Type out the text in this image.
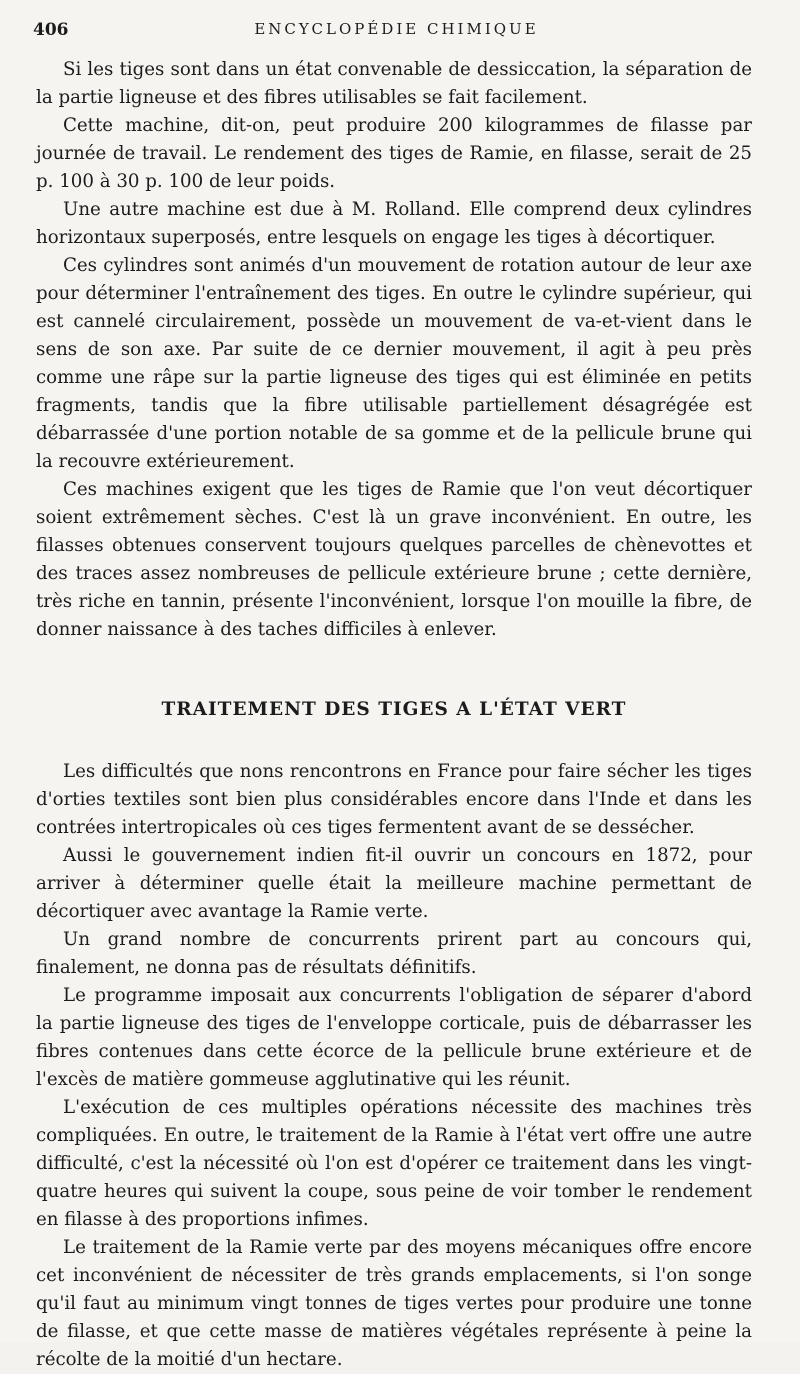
406	ENCYCLOPÉDIE CHIMIQUE

Si les tiges sont dans un état convenable de dessiccation, la séparation de la partie ligneuse et des fibres utilisables se fait facilement.

Cette machine, dit-on, peut produire 200 kilogrammes de filasse par journée de travail. Le rendement des tiges de Ramie, en filasse, serait de 25 p. 100 à 30 p. 100 de leur poids.

Une autre machine est due à M. Rolland. Elle comprend deux cylindres horizontaux superposés, entre lesquels on engage les tiges à décortiquer.

Ces cylindres sont animés d'un mouvement de rotation autour de leur axe pour déterminer l'entraînement des tiges. En outre le cylindre supérieur, qui est cannelé circulairement, possède un mouvement de va-et-vient dans le sens de son axe. Par suite de ce dernier mouvement, il agit à peu près comme une râpe sur la partie ligneuse des tiges qui est éliminée en petits fragments, tandis que la fibre utilisable partiellement désagrégée est débarrassée d'une portion notable de sa gomme et de la pellicule brune qui la recouvre extérieurement.

Ces machines exigent que les tiges de Ramie que l'on veut décortiquer soient extrêmement sèches. C'est là un grave inconvénient. En outre, les filasses obtenues conservent toujours quelques parcelles de chènevottes et des traces assez nombreuses de pellicule extérieure brune ; cette dernière, très riche en tannin, présente l'inconvénient, lorsque l'on mouille la fibre, de donner naissance à des taches difficiles à enlever.

TRAITEMENT DES TIGES A L'ÉTAT VERT

Les difficultés que nons rencontrons en France pour faire sécher les tiges d'orties textiles sont bien plus considérables encore dans l'Inde et dans les contrées intertropicales où ces tiges fermentent avant de se dessécher.

Aussi le gouvernement indien fit-il ouvrir un concours en 1872, pour arriver à déterminer quelle était la meilleure machine permettant de décortiquer avec avantage la Ramie verte.

Un grand nombre de concurrents prirent part au concours qui, finalement, ne donna pas de résultats définitifs.

Le programme imposait aux concurrents l'obligation de séparer d'abord la partie ligneuse des tiges de l'enveloppe corticale, puis de débarrasser les fibres contenues dans cette écorce de la pellicule brune extérieure et de l'excès de matière gommeuse agglutinative qui les réunit.

L'exécution de ces multiples opérations nécessite des machines très compliquées. En outre, le traitement de la Ramie à l'état vert offre une autre difficulté, c'est la nécessité où l'on est d'opérer ce traitement dans les vingt-quatre heures qui suivent la coupe, sous peine de voir tomber le rendement en filasse à des proportions infimes.

Le traitement de la Ramie verte par des moyens mécaniques offre encore cet inconvénient de nécessiter de très grands emplacements, si l'on songe qu'il faut au minimum vingt tonnes de tiges vertes pour produire une tonne de filasse, et que cette masse de matières végétales représente à peine la récolte de la moitié d'un hectare.
